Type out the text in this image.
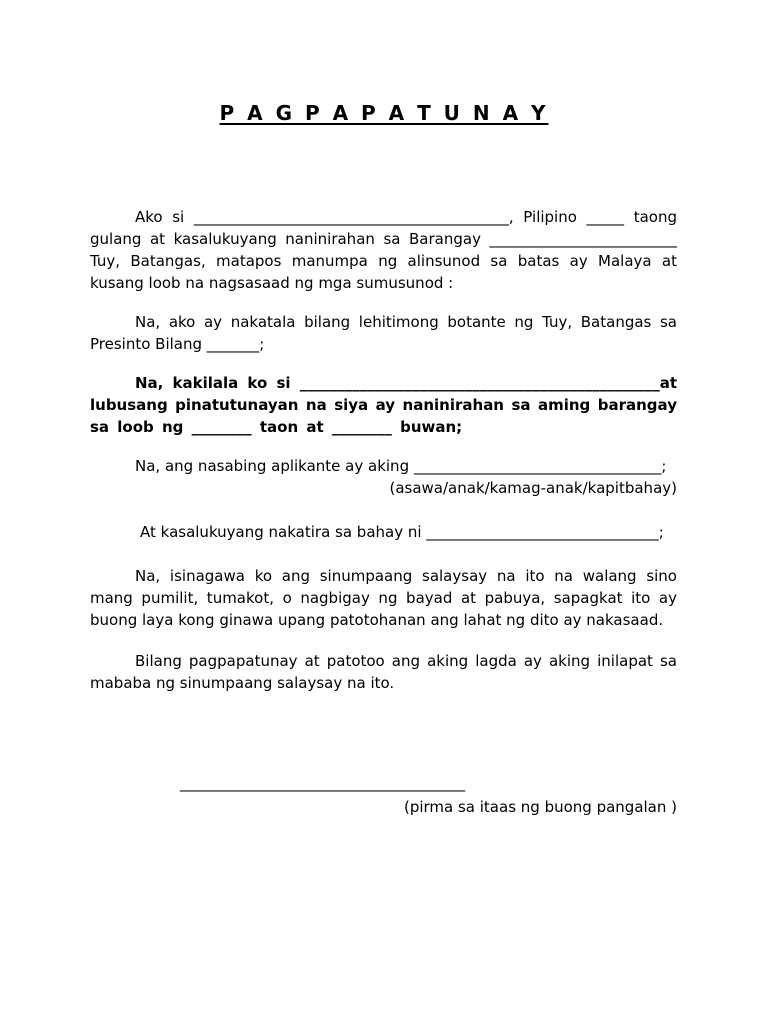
P A G P A P A T U N A Y
Ako si __________________________________________, Pilipino _____ taong
gulang at kasalukuyang naninirahan sa Barangay _________________________
Tuy, Batangas, matapos manumpa ng alinsunod sa batas ay Malaya at
kusang loob na nagsasaad ng mga sumusunod :
Na, ako ay nakatala bilang lehitimong botante ng Tuy, Batangas sa
Presinto Bilang _______;
Na, kakilala ko si ________________________________________________at
lubusang pinatutunayan na siya ay naninirahan sa aming barangay
sa loob ng ________ taon at ________ buwan;
Na, ang nasabing aplikante ay aking _________________________________;
(asawa/anak/kamag-anak/kapitbahay)
At kasalukuyang nakatira sa bahay ni _______________________________;
Na, isinagawa ko ang sinumpaang salaysay na ito na walang sino
mang pumilit, tumakot, o nagbigay ng bayad at pabuya, sapagkat ito ay
buong laya kong ginawa upang patotohanan ang lahat ng dito ay nakasaad.
Bilang pagpapatunay at patotoo ang aking lagda ay aking inilapat sa
mababa ng sinumpaang salaysay na ito.
______________________________________
(pirma sa itaas ng buong pangalan )
